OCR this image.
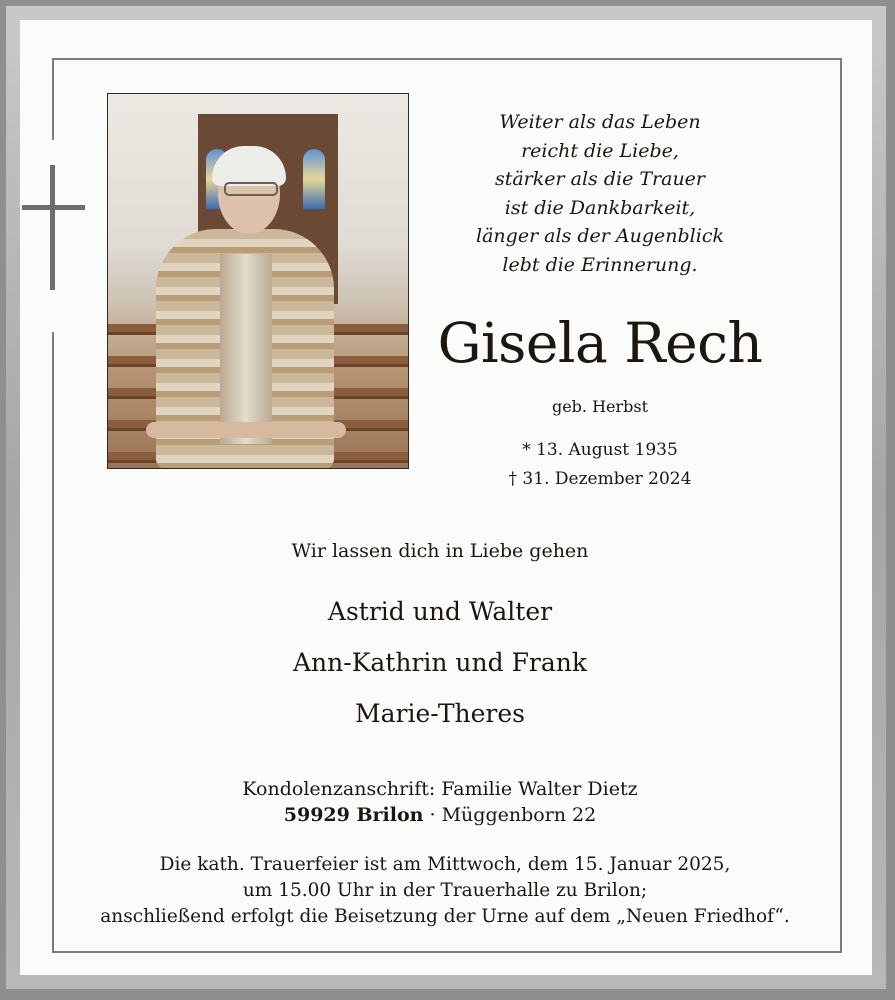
Weiter als das Leben
reicht die Liebe,
stärker als die Trauer
ist die Dankbarkeit,
länger als der Augenblick
lebt die Erinnerung.
Gisela Rech
geb. Herbst
* 13. August 1935
† 31. Dezember 2024
Wir lassen dich in Liebe gehen
Astrid und Walter
Ann-Kathrin und Frank
Marie-Theres
Kondolenzanschrift: Familie Walter Dietz
59929 Brilon · Müggenborn 22
Die kath. Trauerfeier ist am Mittwoch, dem 15. Januar 2025,
um 15.00 Uhr in der Trauerhalle zu Brilon;
anschließend erfolgt die Beisetzung der Urne auf dem „Neuen Friedhof“.
